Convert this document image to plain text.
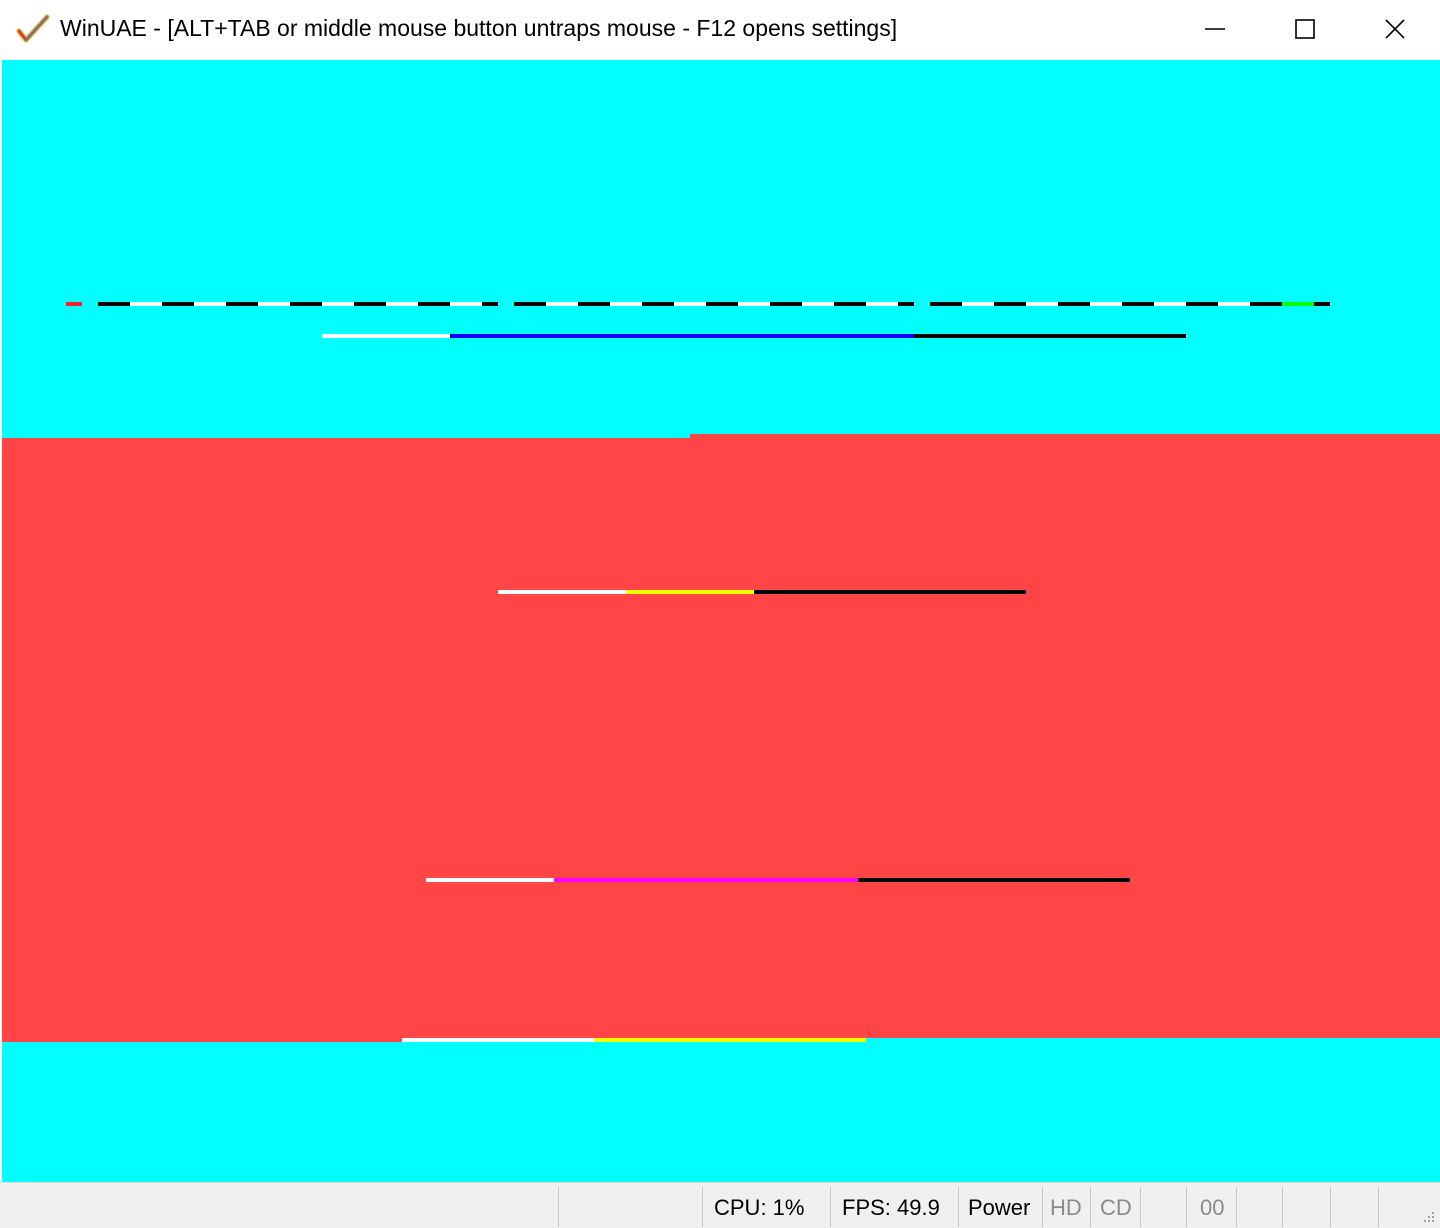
WinUAE - [ALT+TAB or middle mouse button untraps mouse - F12 opens settings]
CPU: 1% FPS: 49.9 Power HD CD	00
